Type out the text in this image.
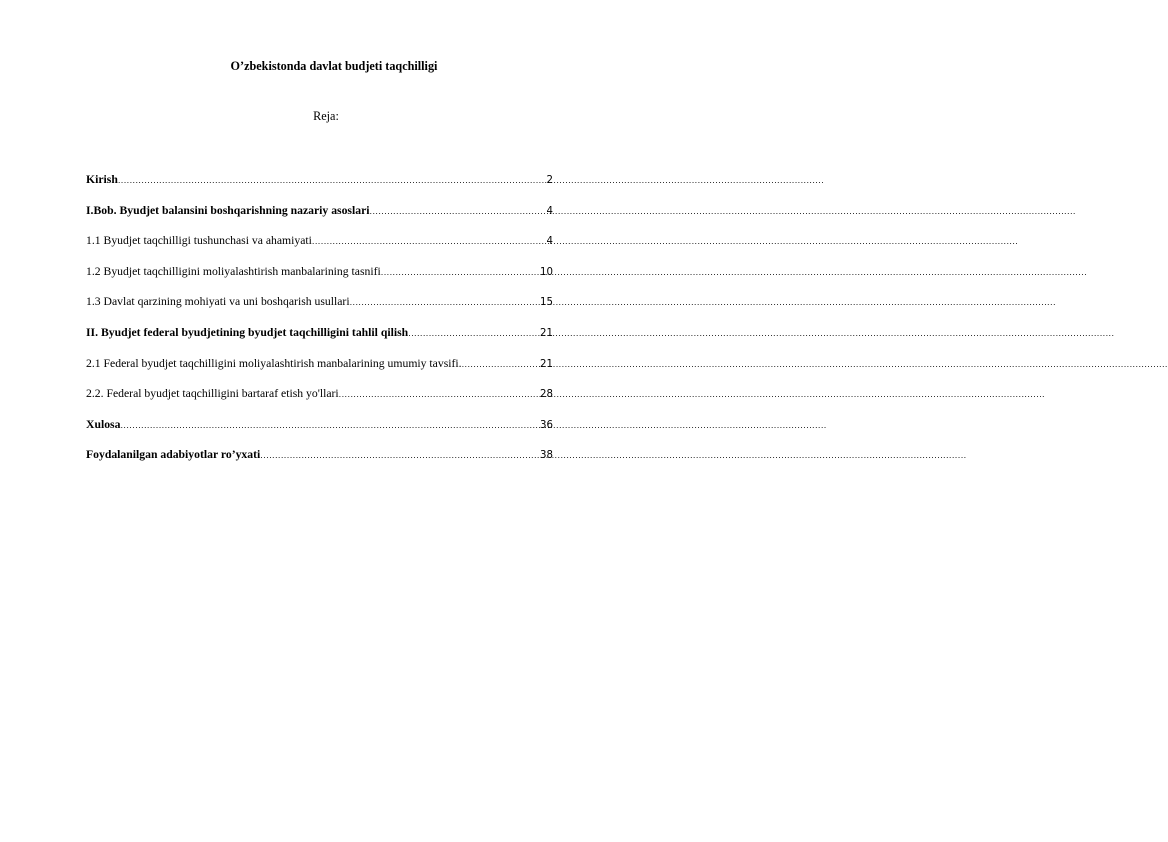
O’zbekistonda davlat budjeti taqchilligi
Reja:
Kirish .....	2
I.Bob. Byudjet balansini boshqarishning nazariy asoslari .....	4
1.1 Byudjet taqchilligi tushunchasi va ahamiyati .....	4
1.2 Byudjet taqchilligini moliyalashtirish manbalarining tasnifi .....	10
1.3 Davlat qarzining mohiyati va uni boshqarish usullari .....	15
II. Byudjet federal byudjetining byudjet taqchilligini tahlil qilish .....	21
2.1 Federal byudjet taqchilligini moliyalashtirish manbalarining umumiy tavsifi. .....	21
2.2. Federal byudjet taqchilligini bartaraf etish yo'llari .....	28
Xulosa .....	36
Foydalanilgan adabiyotlar ro’yxati .....	38
